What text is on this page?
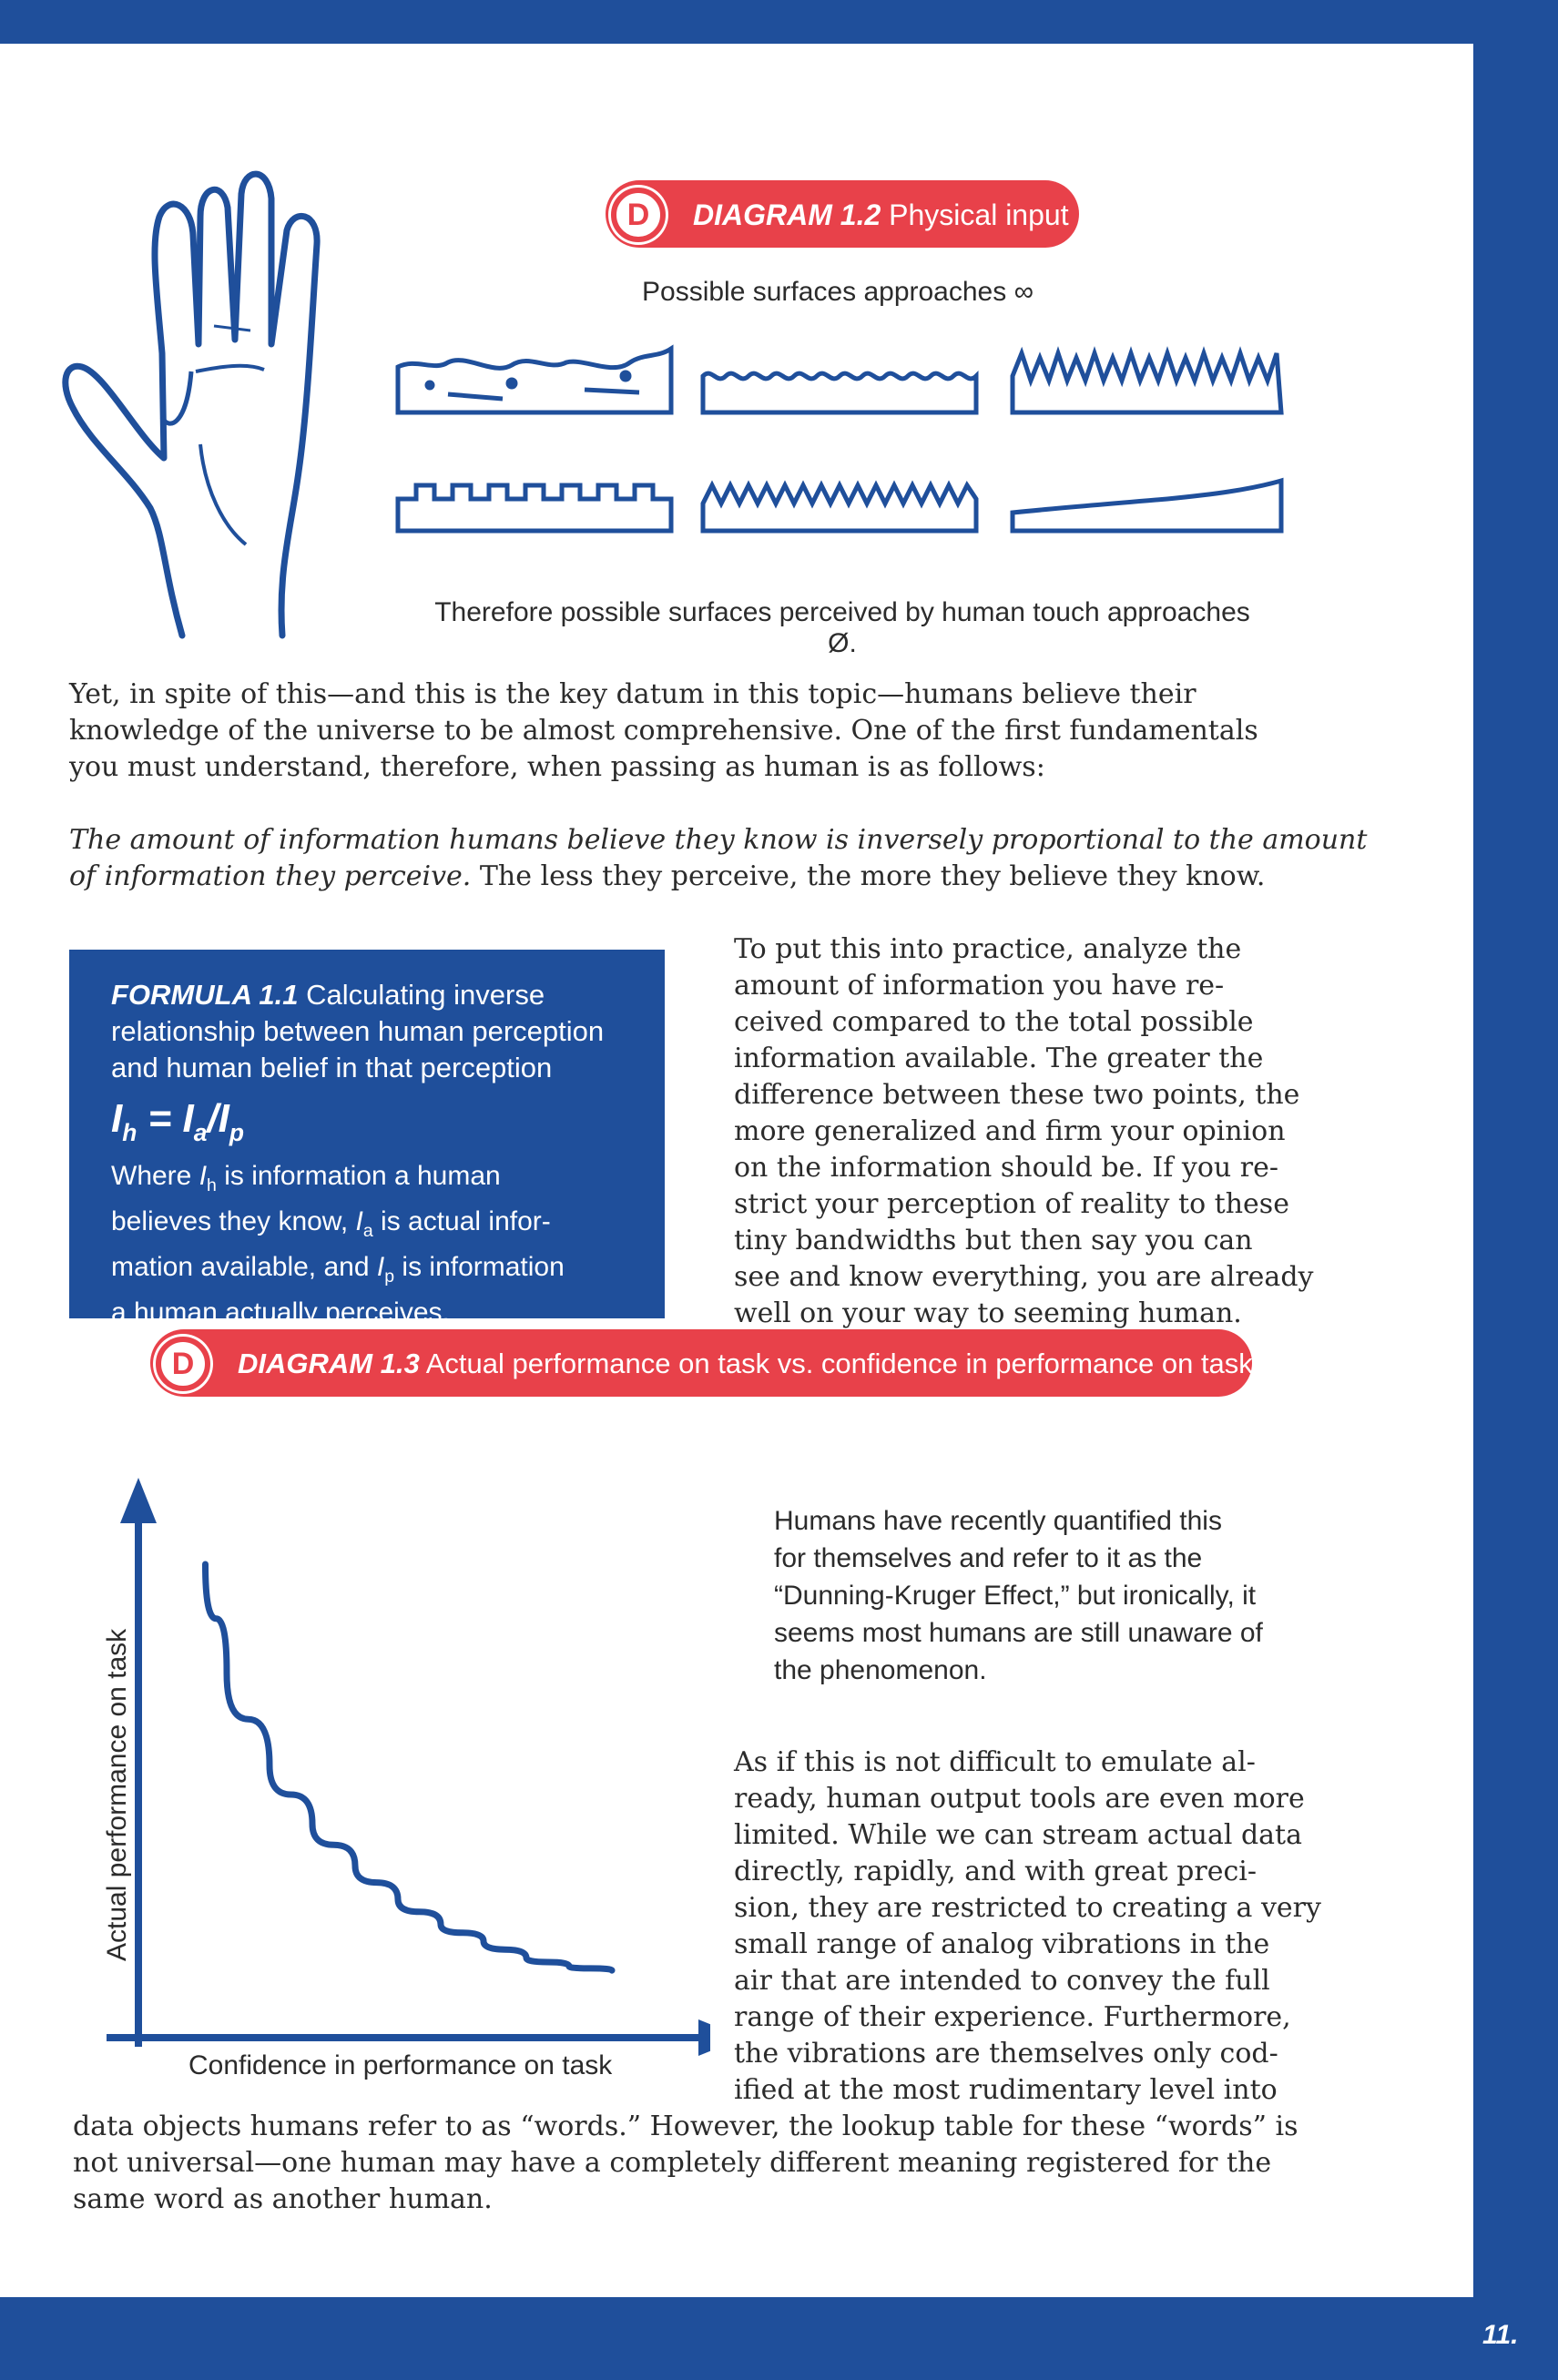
D	DIAGRAM 1.2 Physical input
Possible surfaces approaches ∞
Therefore possible surfaces perceived by human touch approaches Ø.
Yet, in spite of this—and this is the key datum in this topic—humans believe their
knowledge of the universe to be almost comprehensive. One of the first fundamentals
you must understand, therefore, when passing as human is as follows:
The amount of information humans believe they know is inversely proportional to the amount
of information they perceive. The less they perceive, the more they believe they know.
FORMULA 1.1 Calculating inverse
relationship between human perception
and human belief in that perception
$I_h = I_a/I_p$
Where $I_h$ is information a human
believes they know, $I_a$ is actual infor-
mation available, and $I_p$ is information
a human actually perceives.
To put this into practice, analyze the
amount of information you have re-
ceived compared to the total possible
information available. The greater the
difference between these two points, the
more generalized and firm your opinion
on the information should be. If you re-
strict your perception of reality to these
tiny bandwidths but then say you can
see and know everything, you are already
well on your way to seeming human.
D	DIAGRAM 1.3 Actual performance on task vs. confidence in performance on task
Confidence in performance on task
Actual performance on task
Humans have recently quantified this
for themselves and refer to it as the
“Dunning-Kruger Effect,” but ironically, it
seems most humans are still unaware of
the phenomenon.
As if this is not difficult to emulate al-
ready, human output tools are even more
limited. While we can stream actual data
directly, rapidly, and with great preci-
sion, they are restricted to creating a very
small range of analog vibrations in the
air that are intended to convey the full
range of their experience. Furthermore,
the vibrations are themselves only cod-
ified at the most rudimentary level into
data objects humans refer to as “words.” However, the lookup table for these “words” is
not universal—one human may have a completely different meaning registered for the
same word as another human.
11.
